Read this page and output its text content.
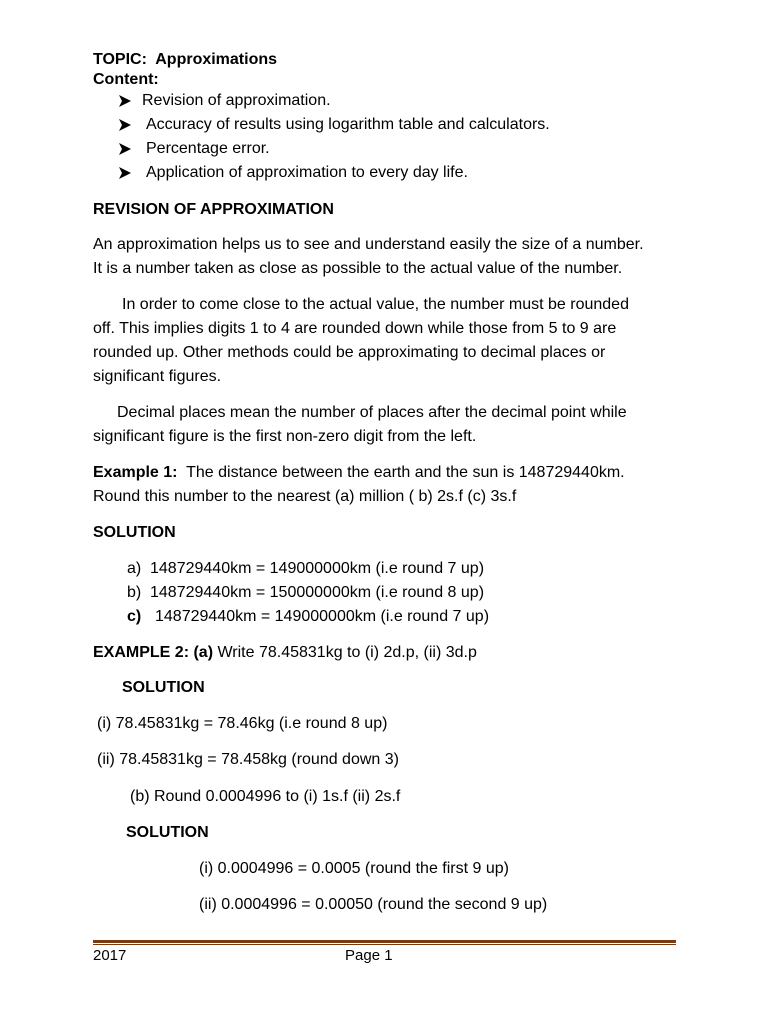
TOPIC: Approximations
Content:
Revision of approximation.
Accuracy of results using logarithm table and calculators.
Percentage error.
Application of approximation to every day life.
REVISION OF APPROXIMATION
An approximation helps us to see and understand easily the size of a number.
It is a number taken as close as possible to the actual value of the number.
In order to come close to the actual value, the number must be rounded
off. This implies digits 1 to 4 are rounded down while those from 5 to 9 are
rounded up. Other methods could be approximating to decimal places or
significant figures.
Decimal places mean the number of places after the decimal point while
significant figure is the first non-zero digit from the left.
Example 1: The distance between the earth and the sun is 148729440km.
Round this number to the nearest (a) million ( b) 2s.f (c) 3s.f
SOLUTION
a) 148729440km = 149000000km (i.e round 7 up)
b) 148729440km = 150000000km (i.e round 8 up)
c) 148729440km = 149000000km (i.e round 7 up)
EXAMPLE 2: (a) Write 78.45831kg to (i) 2d.p, (ii) 3d.p
SOLUTION
(i) 78.45831kg = 78.46kg (i.e round 8 up)
(ii) 78.45831kg = 78.458kg (round down 3)
(b) Round 0.0004996 to (i) 1s.f (ii) 2s.f
SOLUTION
(i) 0.0004996 = 0.0005 (round the first 9 up)
(ii) 0.0004996 = 0.00050 (round the second 9 up)
2017	Page 1
